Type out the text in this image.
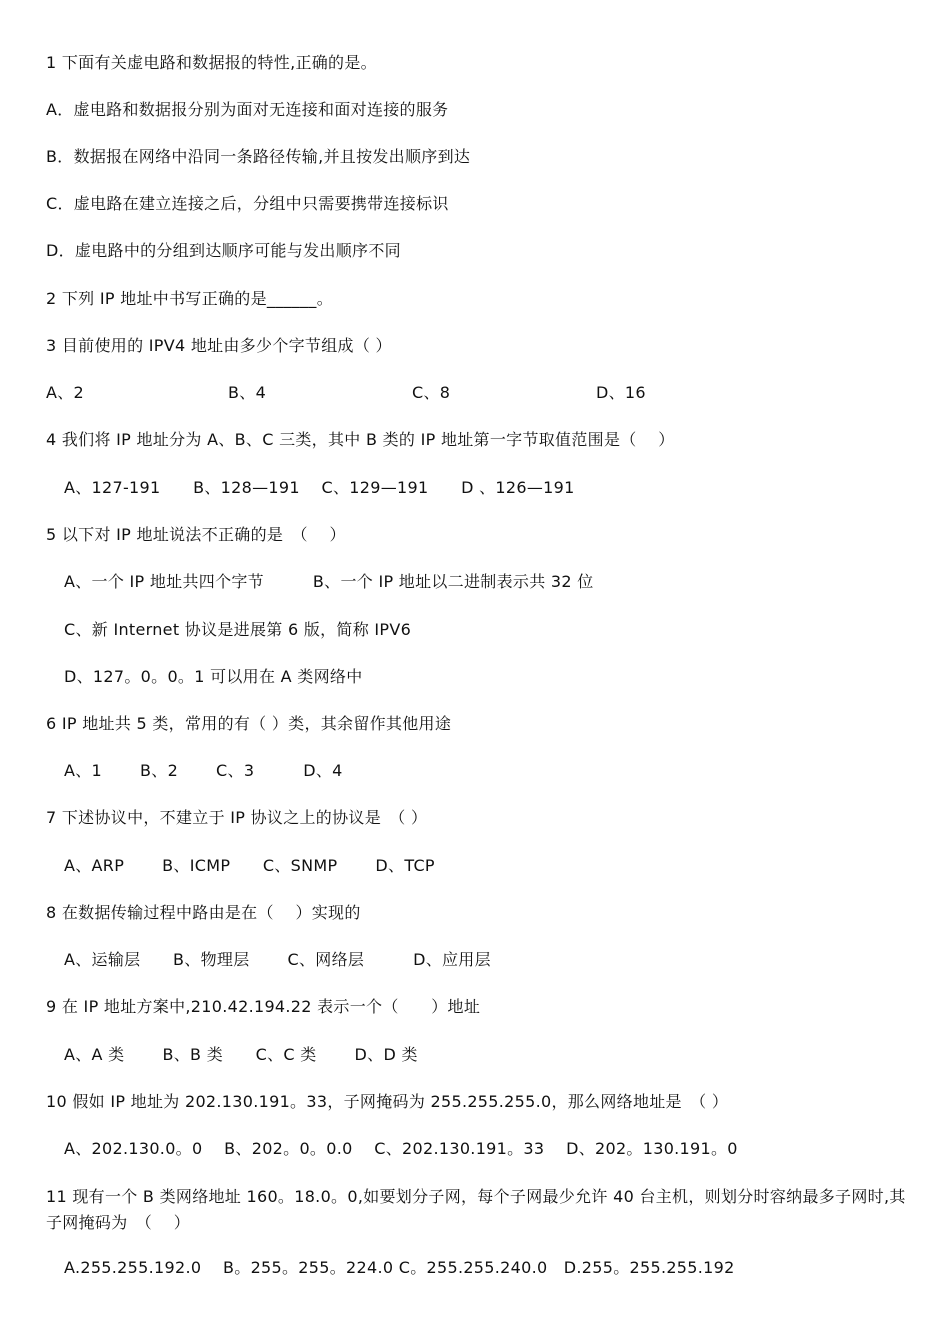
1 下面有关虚电路和数据报的特性,正确的是。
A．虚电路和数据报分别为面对无连接和面对连接的服务
B．数据报在网络中沿同一条路径传输,并且按发出顺序到达
C．虚电路在建立连接之后，分组中只需要携带连接标识
D．虚电路中的分组到达顺序可能与发出顺序不同
2 下列 IP 地址中书写正确的是______。
3 目前使用的 IPV4 地址由多少个字节组成（ ）
A、2	B、4	C、8	D、16
4 我们将 IP 地址分为 A、B、C 三类，其中 B 类的 IP 地址第一字节取值范围是（　 ）
A、127-191　　B、128—191　 C、129—191　　D 、126—191
5 以下对 IP 地址说法不正确的是　（　 ）
A、一个 IP 地址共四个字节　　　B、一个 IP 地址以二进制表示共 32 位
C、新 Internet 协议是进展第 6 版，简称 IPV6
D、127。0。0。1 可以用在 A 类网络中
6 IP 地址共 5 类，常用的有（ ）类，其余留作其他用途
A、1　　 B、2　　 C、3　　　D、4
7 下述协议中，不建立于 IP 协议之上的协议是　（ ）
A、ARP　　 B、ICMP　　C、SNMP　　 D、TCP
8 在数据传输过程中路由是在（　 ）实现的
A、运输层　　B、物理层　　 C、网络层　　　D、应用层
9 在 IP 地址方案中,210.42.194.22 表示一个（　　）地址
A、A 类　　 B、B 类　　C、C 类　　 D、D 类
10 假如 IP 地址为 202.130.191。33，子网掩码为 255.255.255.0，那么网络地址是　（ ）
A、202.130.0。0　 B、202。0。0.0　 C、202.130.191。33　 D、202。130.191。0
11 现有一个 B 类网络地址 160。18.0。0,如要划分子网，每个子网最少允许 40 台主机，则划分时容纳最多子网时,其子网掩码为　（　 ）
A.255.255.192.0　 B。255。255。224.0 C。255.255.240.0　D.255。255.255.192
